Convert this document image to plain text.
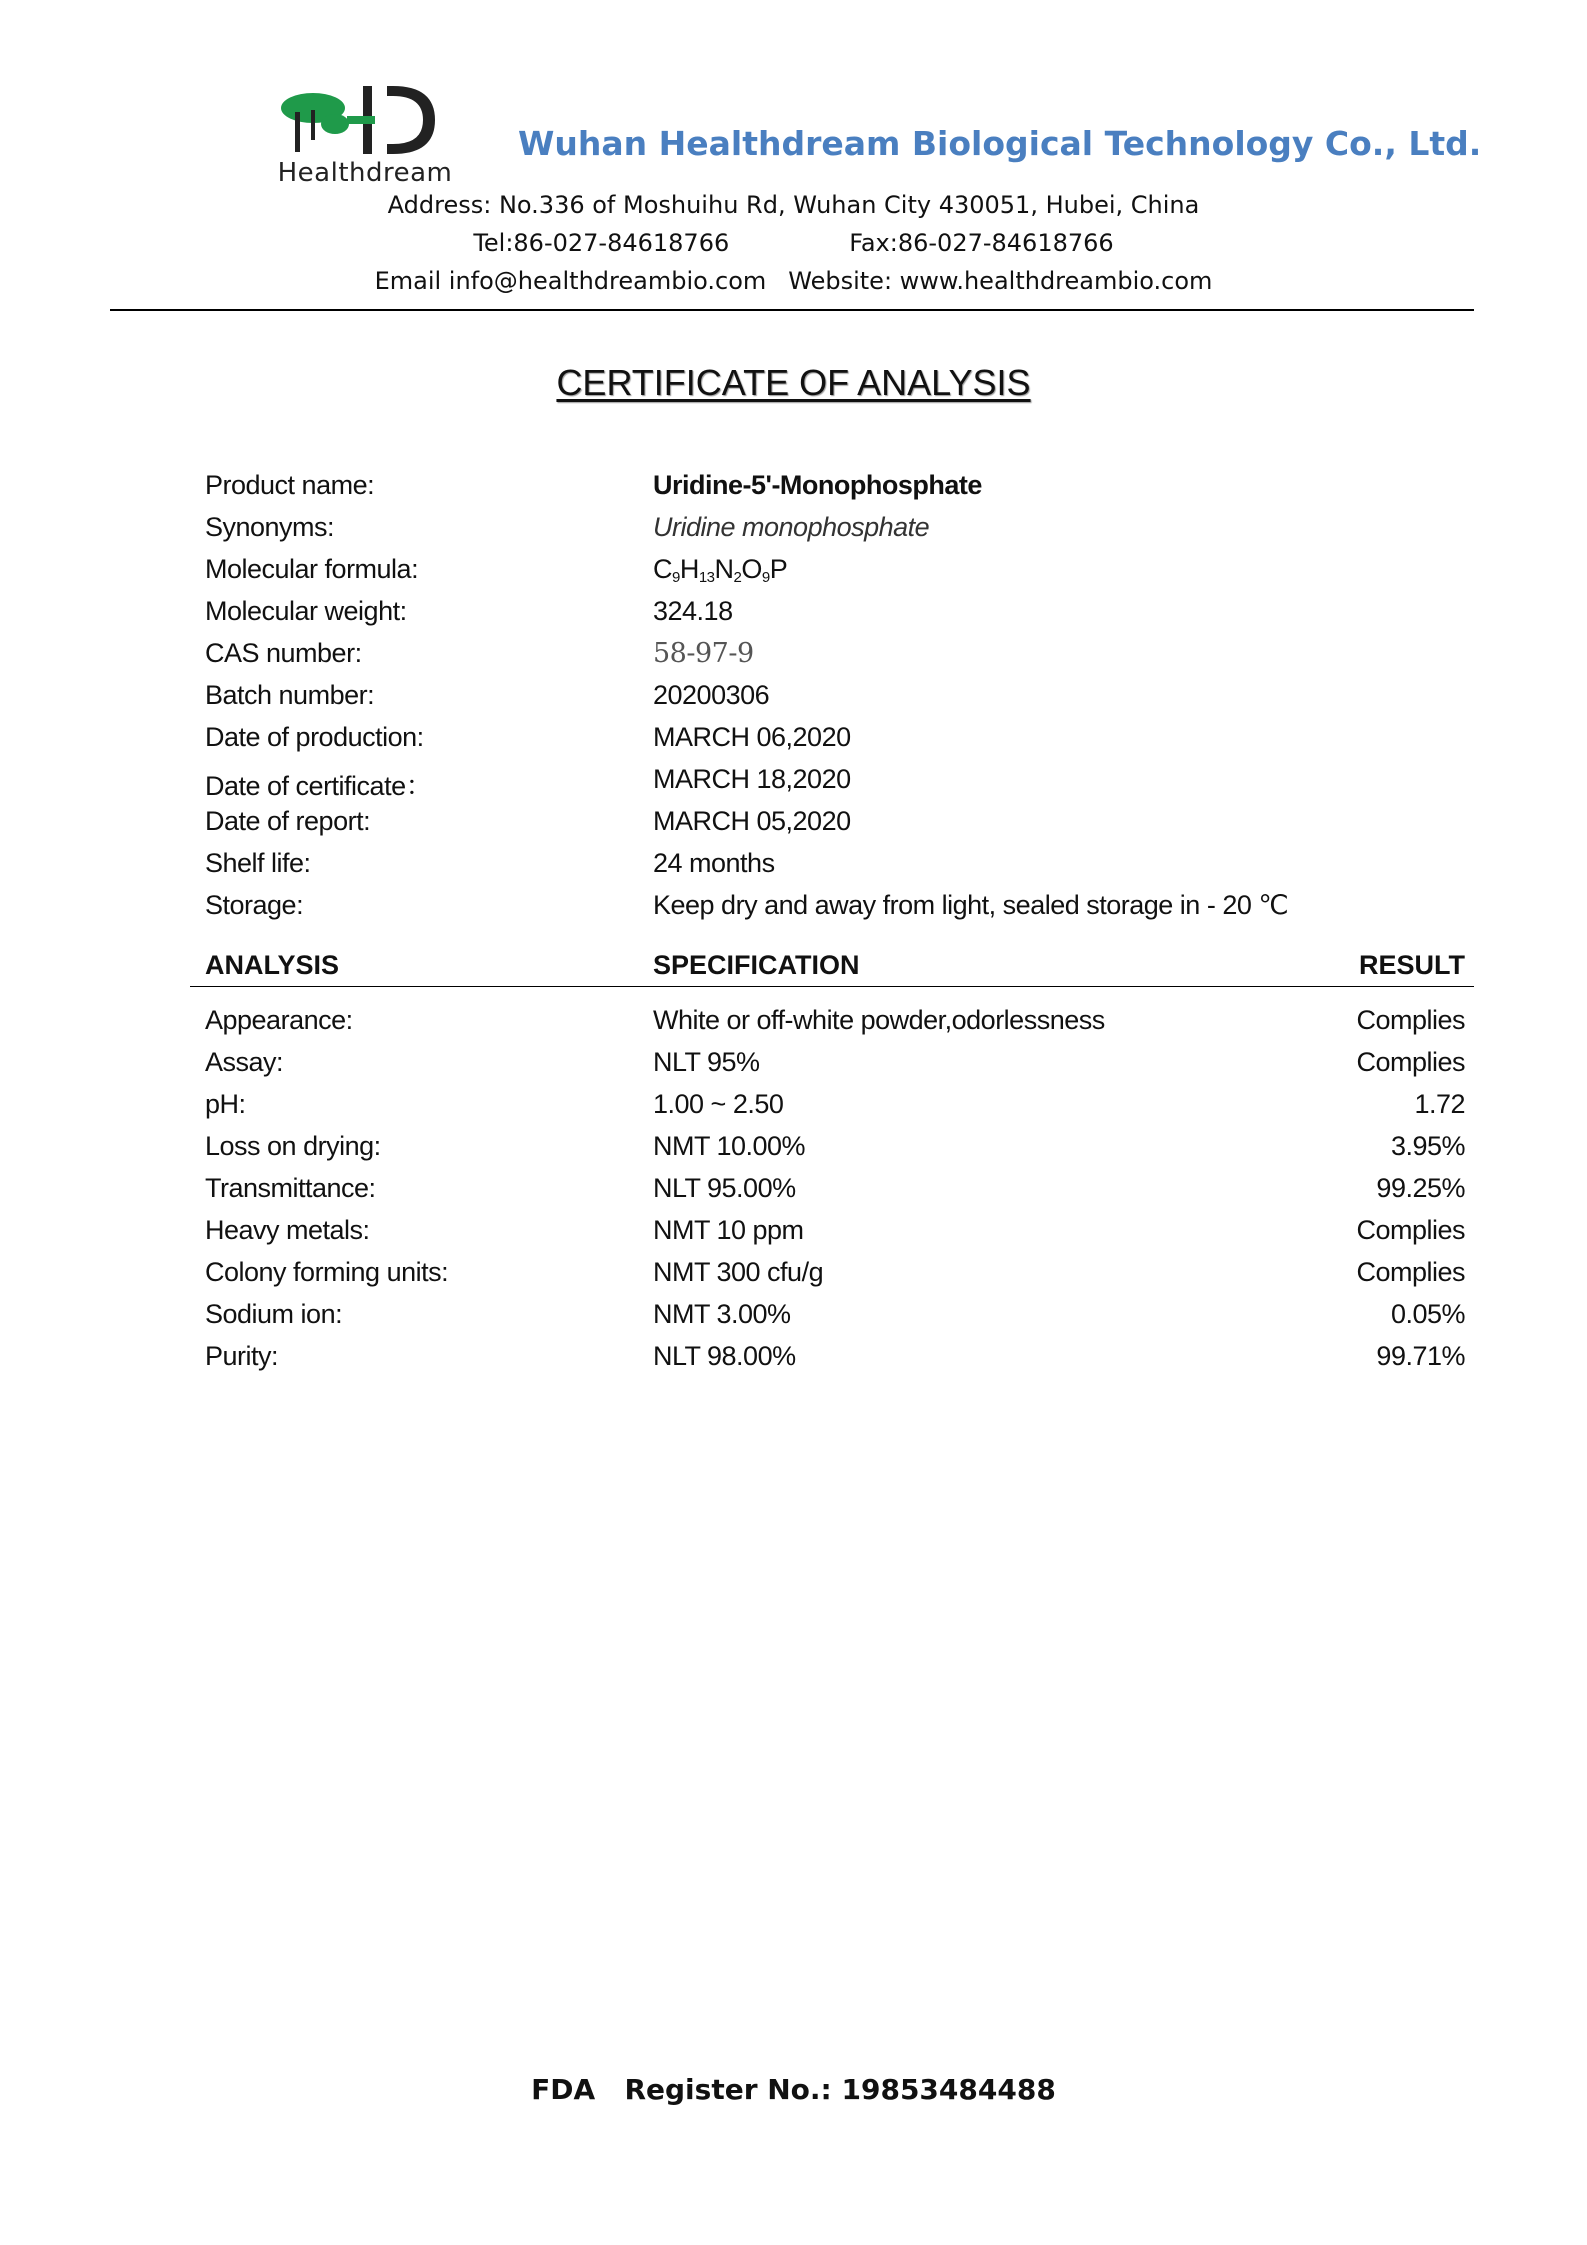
Healthdream
Wuhan Healthdream Biological Technology Co., Ltd.
Address: No.336 of Moshuihu Rd, Wuhan City 430051, Hubei, China
Tel:86-027-84618766	Fax:86-027-84618766
Email info@healthdreambio.com Website: www.healthdreambio.com
CERTIFICATE OF ANALYSIS
Product name:	Uridine-5'-Monophosphate
Synonyms:	Uridine monophosphate
Molecular formula:	$C_9H_{13}N_2O_9P$
Molecular weight:	324.18
CAS number:	58-97-9
Batch number:	20200306
Date of production:	MARCH 06,2020
Date of certificate：	MARCH 18,2020
Date of report:	MARCH 05,2020
Shelf life:	24 months
Storage:	Keep dry and away from light, sealed storage in - 20 ℃
ANALYSIS	SPECIFICATION	RESULT
Appearance:	White or off-white powder,odorlessness	Complies
Assay:	NLT 95%	Complies
pH:	1.00 ~ 2.50	1.72
Loss on drying:	NMT 10.00%	3.95%
Transmittance:	NLT 95.00%	99.25%
Heavy metals:	NMT 10 ppm	Complies
Colony forming units:	NMT 300 cfu/g	Complies
Sodium ion:	NMT 3.00%	0.05%
Purity:	NLT 98.00%	99.71%
FDA   Register No.: 19853484488
